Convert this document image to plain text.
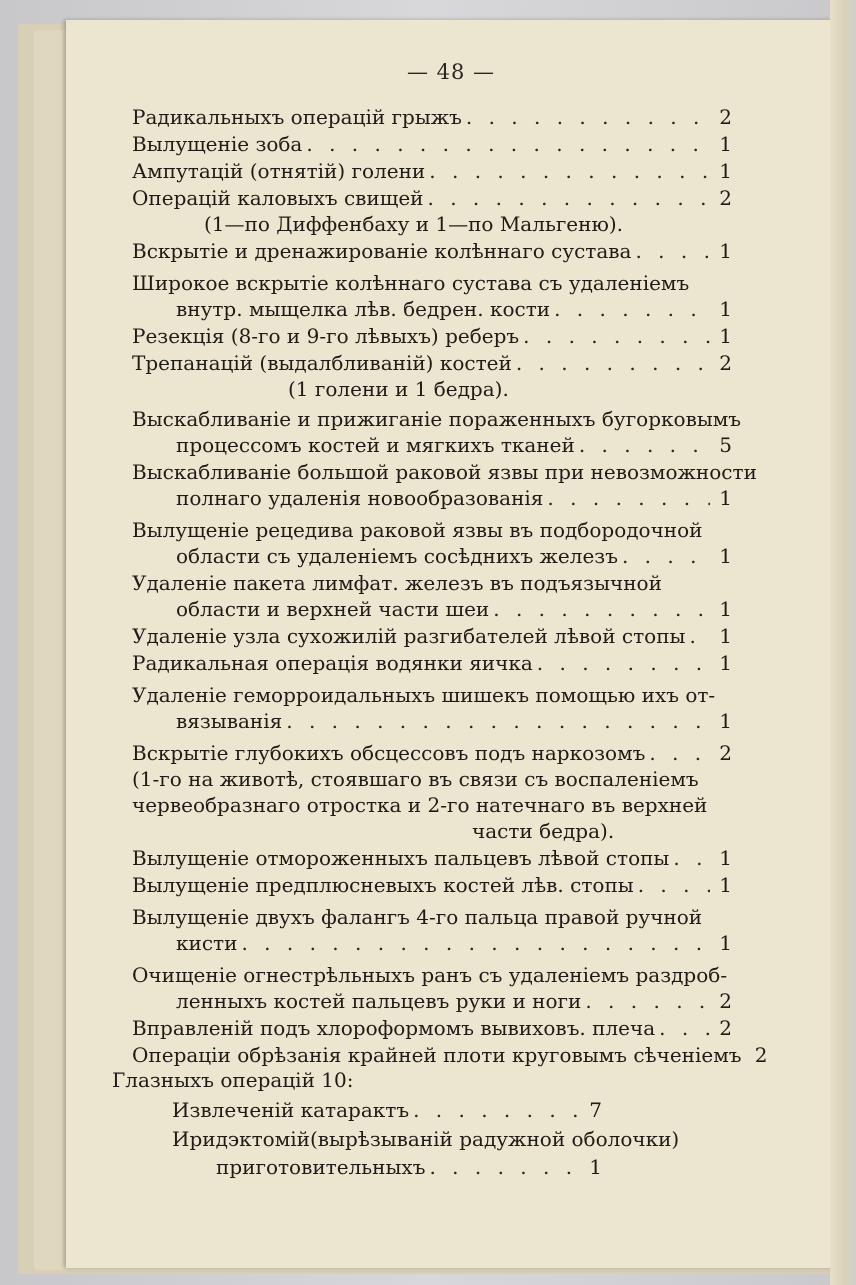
— 48 —
Радикальныхъ операцій грыжъ . . .	2
Вылущеніе зоба . . .	1
Ампутацій (отнятій) голени . . .	1
Операцій каловыхъ свищей . . .	2
(1—по Диффенбаху и 1—по Мальгеню).
Вскрытіе и дренажированіе колѣннаго сустава . . .	1
Широкое вскрытіе колѣннаго сустава съ удаленіемъ
внутр. мыщелка лѣв. бедрен. кости . . .	1
Резекція (8-го и 9-го лѣвыхъ) реберъ . . .	1
Трепанацій (выдалбливаній) костей . . .	2
(1 голени и 1 бедра).
Выскабливаніе и прижиганіе пораженныхъ бугорковымъ
процессомъ костей и мягкихъ тканей . . .	5
Выскабливаніе большой раковой язвы при невозможности
полнаго удаленія новообразованія . . .	1
Вылущеніе рецедива раковой язвы въ подбородочной
области съ удаленіемъ сосѣднихъ железъ . . .	1
Удаленіе пакета лимфат. железъ въ подъязычной
области и верхней части шеи . . .	1
Удаленіе узла сухожилій разгибателей лѣвой стопы . . . 1
Радикальная операція водянки яичка . . .	1
Удаленіе геморроидальныхъ шишекъ помощью ихъ от-
вязыванія . . .	1
Вскрытіе глубокихъ обсцессовъ подъ наркозомъ . . .	2
(1-го на животѣ, стоявшаго въ связи съ воспаленіемъ
червеобразнаго отростка и 2-го натечнаго въ верхней
части бедра).
Вылущеніе отмороженныхъ пальцевъ лѣвой стопы . . . 1
Вылущеніе предплюсневыхъ костей лѣв. стопы . . .	1
Вылущеніе двухъ фалангъ 4-го пальца правой ручной
кисти . . .	1
Очищеніе огнестрѣльныхъ ранъ съ удаленіемъ раздроб-
ленныхъ костей пальцевъ руки и ноги . . .	2
Вправленій подъ хлороформомъ вывиховъ. плеча . . .	2
Операціи обрѣзанія крайней плоти круговымъ сѣченіемъ 2
Глазныхъ операцій 10:
Извлеченій катарактъ . . .	7
Иридэктомій(вырѣзываній радужной оболочки)
приготовительныхъ . . .	1
